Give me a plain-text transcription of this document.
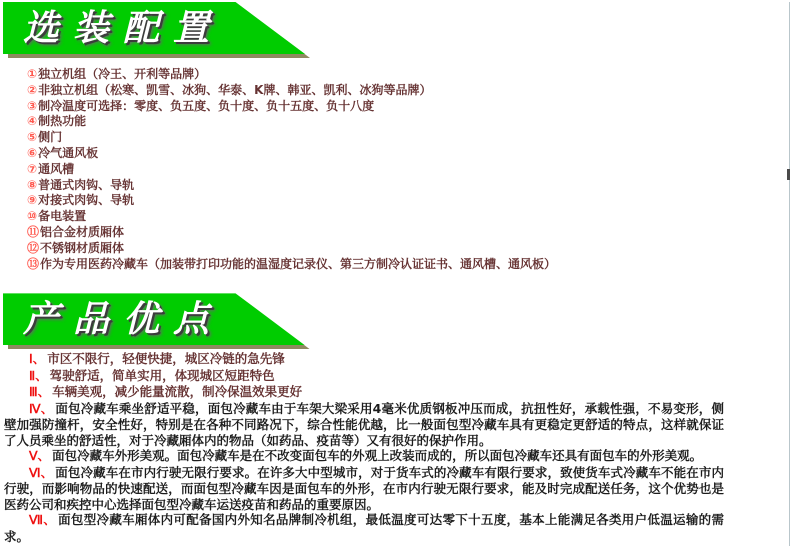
选装配置
①独立机组（冷王、开利等品牌）
②非独立机组（松寒、凯雪、冰狗、华泰、K牌、韩亚、凯利、冰狗等品牌）
③制冷温度可选择：零度、负五度、负十度、负十五度、负十八度
④制热功能
⑤侧门
⑥冷气通风板
⑦通风槽
⑧普通式肉钩、导轨
⑨对接式肉钩、导轨
⑩备电装置
⑪铝合金材质厢体
⑫不锈钢材质厢体
⑬作为专用医药冷藏车（加装带打印功能的温湿度记录仪、第三方制冷认证证书、通风槽、通风板）
产品优点

Ⅰ、 市区不限行，轻便快捷，城区冷链的急先锋

Ⅱ、 驾驶舒适，简单实用，体现城区短距特色

Ⅲ、 车辆美观，减少能量流散，制冷保温效果更好

Ⅳ、 面包冷藏车乘坐舒适平稳，面包冷藏车由于车架大梁采用4毫米优质钢板冲压而成，抗扭性好，承载性强，不易变形，侧壁加强防撞杆，安全性好，特别是在各种不同路况下，综合性能优越，比一般面包型冷藏车具有更稳定更舒适的特点，这样就保证了人员乘坐的舒适性，对于冷藏厢体内的物品（如药品、疫苗等）又有很好的保护作用。

Ⅴ、 面包冷藏车外形美观。面包冷藏车是在不改变面包车的外观上改装而成的，所以面包冷藏车还具有面包车的外形美观。

Ⅵ、 面包冷藏车在市内行驶无限行要求。在许多大中型城市，对于货车式的冷藏车有限行要求，致使货车式冷藏车不能在市内行驶，而影响物品的快速配送，而面包型冷藏车因是面包车的外形，在市内行驶无限行要求，能及时完成配送任务，这个优势也是医药公司和疾控中心选择面包型冷藏车运送疫苗和药品的重要原因。

Ⅶ、 面包型冷藏车厢体内可配备国内外知名品牌制冷机组，最低温度可达零下十五度，基本上能满足各类用户低温运输的需求。
